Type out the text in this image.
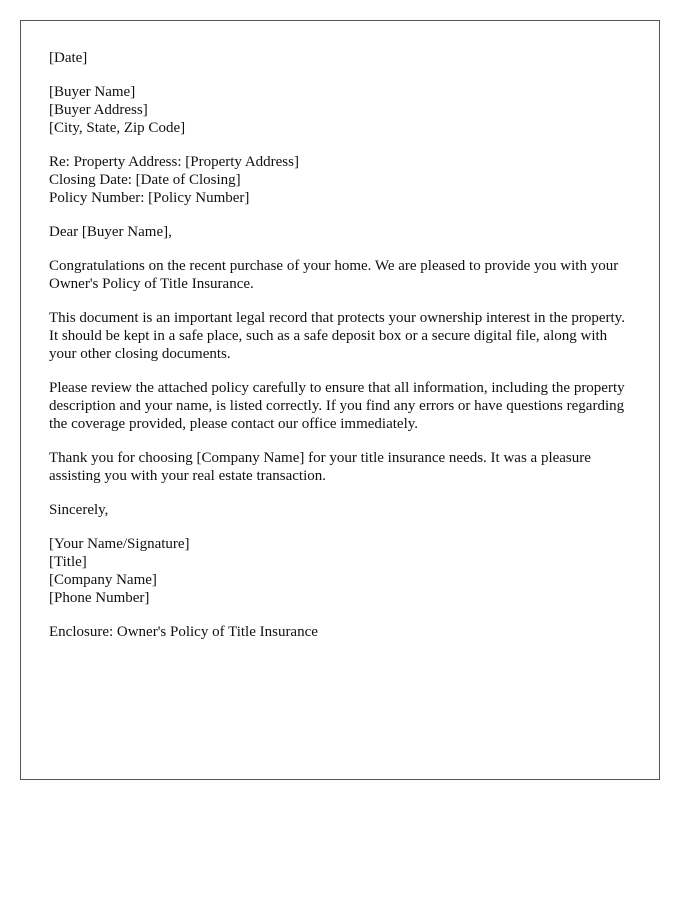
[Date]
[Buyer Name]
[Buyer Address]
[City, State, Zip Code]
Re: Property Address: [Property Address]
Closing Date: [Date of Closing]
Policy Number: [Policy Number]
Dear [Buyer Name],

Congratulations on the recent purchase of your home. We are pleased to provide you with your Owner's Policy of Title Insurance.

This document is an important legal record that protects your ownership interest in the property. It should be kept in a safe place, such as a safe deposit box or a secure digital file, along with your other closing documents.

Please review the attached policy carefully to ensure that all information, including the property description and your name, is listed correctly. If you find any errors or have questions regarding the coverage provided, please contact our office immediately.

Thank you for choosing [Company Name] for your title insurance needs. It was a pleasure assisting you with your real estate transaction.

Sincerely,
[Your Name/Signature]
[Title]
[Company Name]
[Phone Number]
Enclosure: Owner's Policy of Title Insurance
